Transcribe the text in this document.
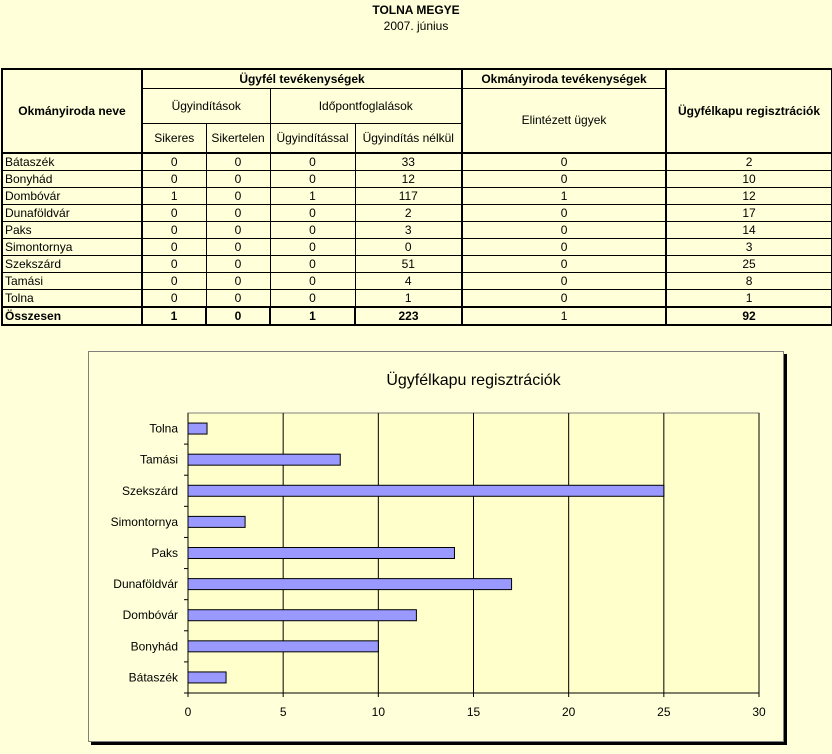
TOLNA MEGYE
2007. június
Okmányiroda neve	Ügyfél tevékenységek				Okmányiroda tevékenységek	Ügyfélkapu regisztrációk
	Ügyindítások		Időpontfoglalások		Elintézett ügyek	
	Sikeres	Sikertelen	Ügyindítással	Ügyindítás nélkül		
Bátaszék	0	0	0	33	0	2
Bonyhád	0	0	0	12	0	10
Dombóvár	1	0	1	117	1	12
Dunaföldvár	0	0	0	2	0	17
Paks	0	0	0	3	0	14
Simontornya	0	0	0	0	0	3
Szekszárd	0	0	0	51	0	25
Tamási	0	0	0	4	0	8
Tolna	0	0	0	1	0	1
Összesen	1	0	1	223	1	92
Ügyfélkapu regisztrációk
0	5	10	15	20	25	30
Bátaszék
Bonyhád
Dombóvár
Dunaföldvár
Paks
Simontornya
Szekszárd
Tamási
Tolna
